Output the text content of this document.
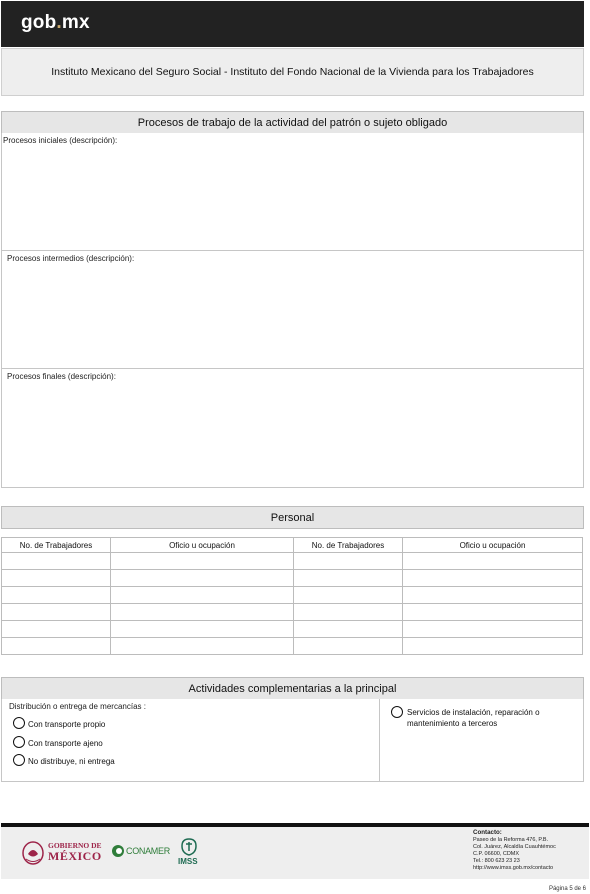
gob.mx
Instituto Mexicano del Seguro Social - Instituto del Fondo Nacional de la Vivienda para los Trabajadores
Procesos de trabajo de la actividad del patrón o sujeto obligado
Procesos iniciales (descripción):
Procesos intermedios (descripción):
Procesos finales (descripción):
Personal
No. de Trabajadores	Oficio u ocupación	No. de Trabajadores	Oficio u ocupación

Actividades complementarias a la principal
Distribución o entrega de mercancías :
Con transporte propio
Con transporte ajeno
No distribuye, ni entrega
Servicios de instalación, reparación o
mantenimiento a terceros
GOBIERNO DE
MÉXICO	CONAMER
IMSS
Contacto:
Paseo de la Reforma 476, P.B.
Col. Juárez, Alcaldía Cuauhtémoc
C.P. 06600, CDMX
Tel.: 800 623 23 23
http://www.imss.gob.mx/contacto
Página 5 de 6
